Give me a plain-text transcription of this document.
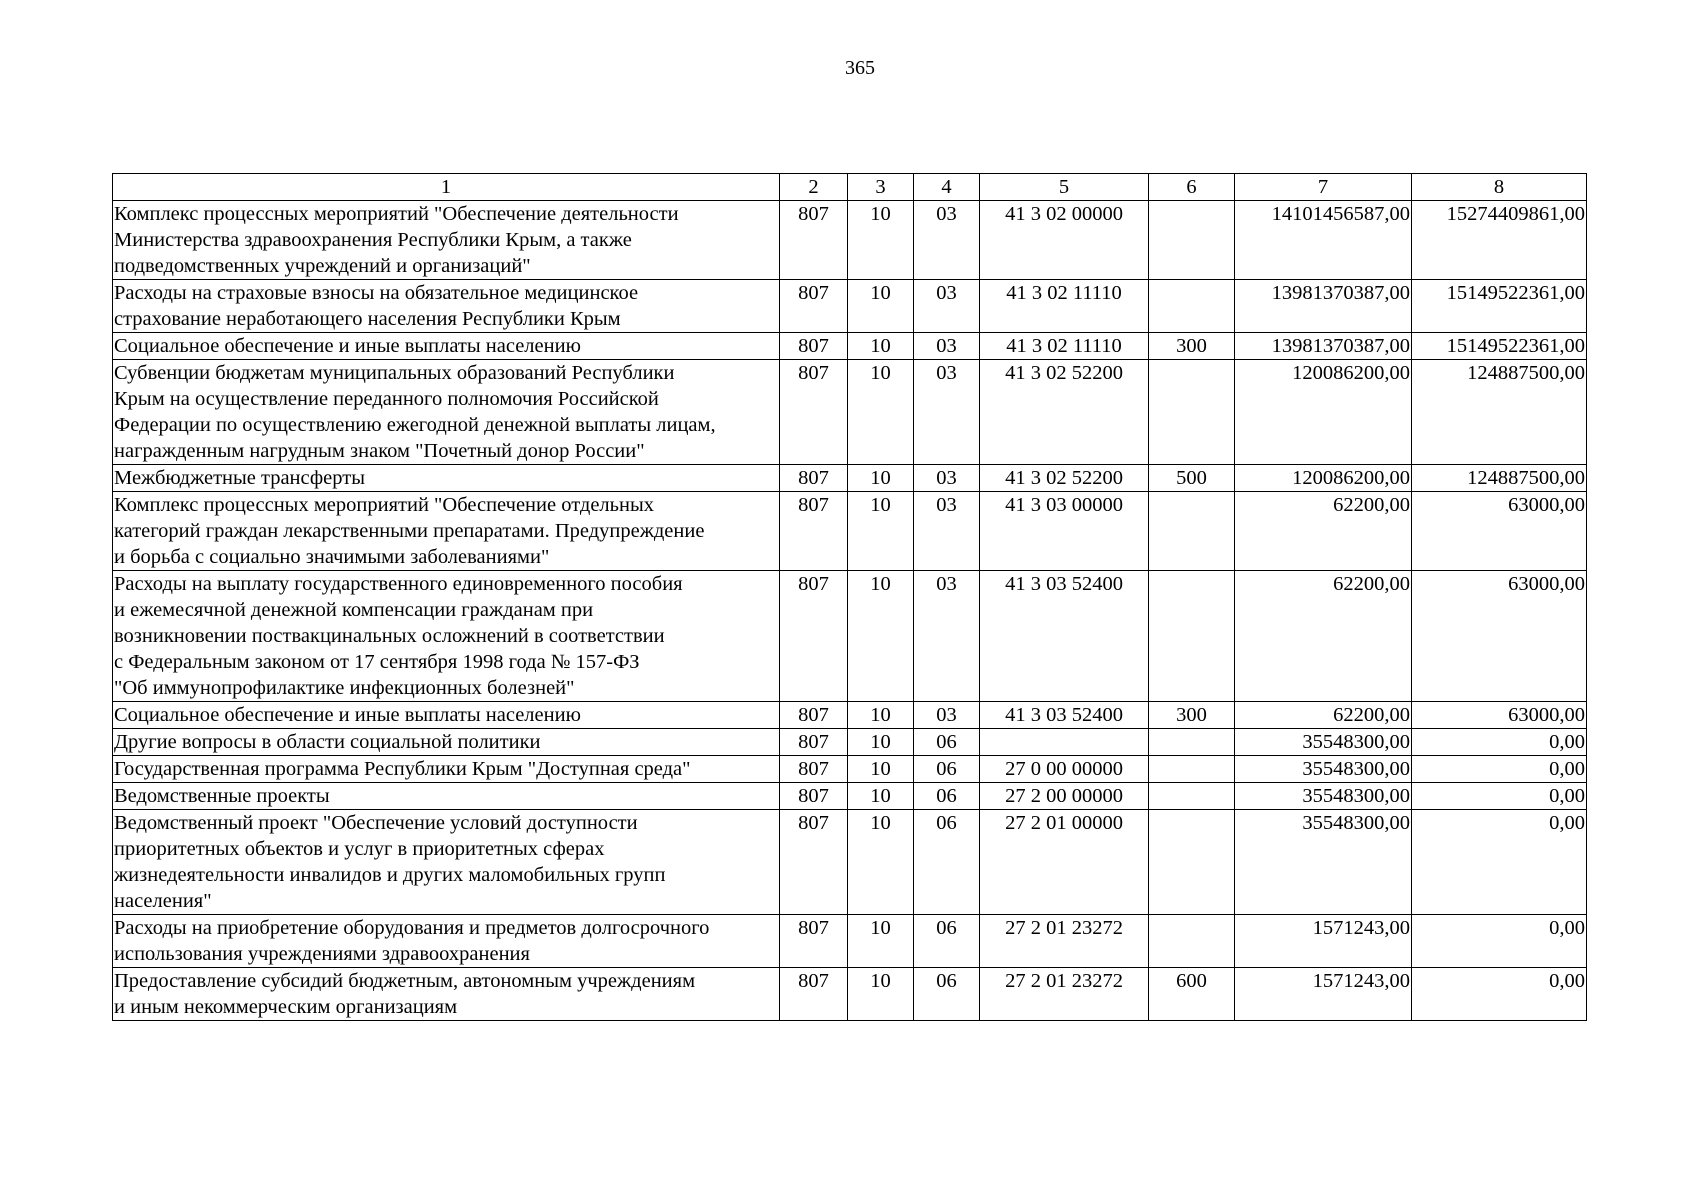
365
1	2	3	4	5	6	7	8

Комплекс процессных мероприятий "Обеспечение деятельности
Министерства здравоохранения Республики Крым, а также
подведомственных учреждений и организаций"	807	10	03	41 3 02 00000		14101456587,00	15274409861,00

Расходы на страховые взносы на обязательное медицинское
страхование неработающего населения Республики Крым	807	10	03	41 3 02 11110		13981370387,00	15149522361,00

Социальное обеспечение и иные выплаты населению	807	10	03	41 3 02 11110	300	13981370387,00	15149522361,00

Субвенции бюджетам муниципальных образований Республики
Крым на осуществление переданного полномочия Российской
Федерации по осуществлению ежегодной денежной выплаты лицам,
награжденным нагрудным знаком "Почетный донор России"	807	10	03	41 3 02 52200		120086200,00	124887500,00

Межбюджетные трансферты	807	10	03	41 3 02 52200	500	120086200,00	124887500,00

Комплекс процессных мероприятий "Обеспечение отдельных
категорий граждан лекарственными препаратами. Предупреждение
и борьба с социально значимыми заболеваниями"	807	10	03	41 3 03 00000		62200,00	63000,00

Расходы на выплату государственного единовременного пособия
и ежемесячной денежной компенсации гражданам при
возникновении поствакцинальных осложнений в соответствии
с Федеральным законом от 17 сентября 1998 года № 157-ФЗ
"Об иммунопрофилактике инфекционных болезней"	807	10	03	41 3 03 52400		62200,00	63000,00

Социальное обеспечение и иные выплаты населению	807	10	03	41 3 03 52400	300	62200,00	63000,00

Другие вопросы в области социальной политики	807	10	06			35548300,00	0,00

Государственная программа Республики Крым "Доступная среда"	807	10	06	27 0 00 00000		35548300,00	0,00

Ведомственные проекты	807	10	06	27 2 00 00000		35548300,00	0,00

Ведомственный проект "Обеспечение условий доступности
приоритетных объектов и услуг в приоритетных сферах
жизнедеятельности инвалидов и других маломобильных групп
населения"	807	10	06	27 2 01 00000		35548300,00	0,00

Расходы на приобретение оборудования и предметов долгосрочного
использования учреждениями здравоохранения	807	10	06	27 2 01 23272		1571243,00	0,00

Предоставление субсидий бюджетным, автономным учреждениям
и иным некоммерческим организациям	807	10	06	27 2 01 23272	600	1571243,00	0,00
